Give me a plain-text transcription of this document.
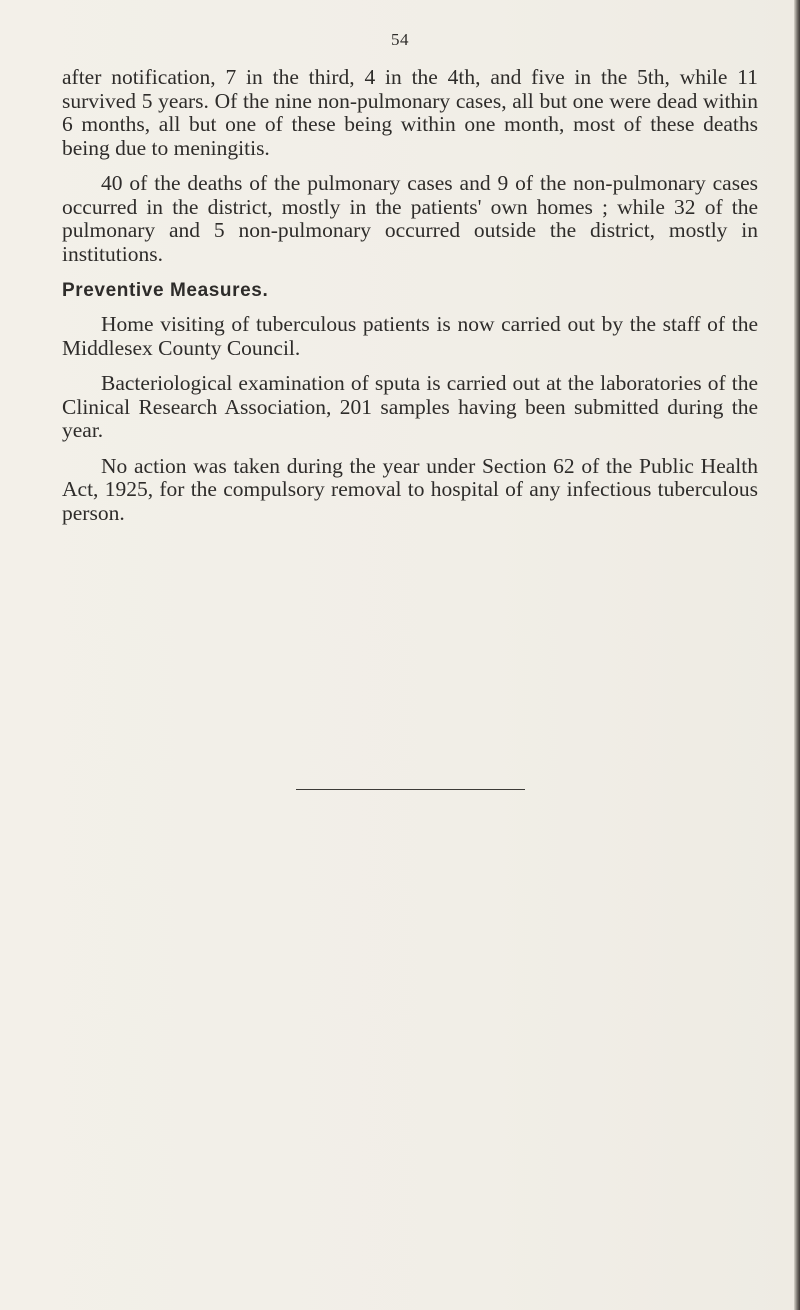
54

after notification, 7 in the third, 4 in the 4th, and five in the 5th, while 11 survived 5 years. Of the nine non-pulmonary cases, all but one were dead within 6 months, all but one of these being within one month, most of these deaths being due to meningitis.

40 of the deaths of the pulmonary cases and 9 of the non-pulmonary cases occurred in the district, mostly in the patients' own homes ; while 32 of the pulmonary and 5 non-pulmonary occurred outside the district, mostly in institutions.

Preventive Measures.

Home visiting of tuberculous patients is now carried out by the staff of the Middlesex County Council.

Bacteriological examination of sputa is carried out at the laboratories of the Clinical Research Association, 201 samples having been submitted during the year.

No action was taken during the year under Section 62 of the Public Health Act, 1925, for the compulsory removal to hospital of any infectious tuberculous person.
